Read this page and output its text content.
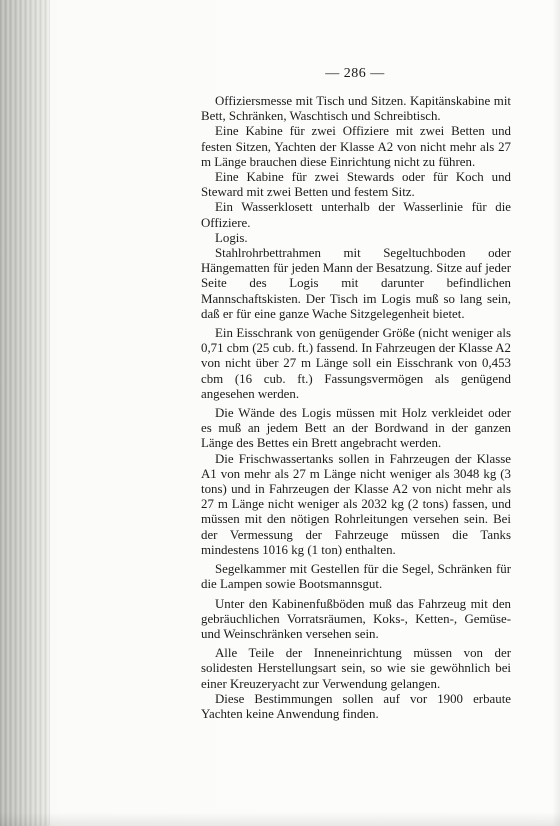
— 286 —

Offiziersmesse mit Tisch und Sitzen. Kapitänskabine mit Bett, Schränken, Waschtisch und Schreibtisch.

Eine Kabine für zwei Offiziere mit zwei Betten und festen Sitzen, Yachten der Klasse A2 von nicht mehr als 27 m Länge brauchen diese Einrichtung nicht zu führen.

Eine Kabine für zwei Stewards oder für Koch und Steward mit zwei Betten und festem Sitz.

Ein Wasserklosett unterhalb der Wasserlinie für die Offiziere.

Logis.

Stahlrohrbettrahmen mit Segeltuchboden oder Hängematten für jeden Mann der Besatzung. Sitze auf jeder Seite des Logis mit darunter befindlichen Mannschaftskisten. Der Tisch im Logis muß so lang sein, daß er für eine ganze Wache Sitzgelegenheit bietet.

Ein Eisschrank von genügender Größe (nicht weniger als 0,71 cbm (25 cub. ft.) fassend. In Fahrzeugen der Klasse A2 von nicht über 27 m Länge soll ein Eisschrank von 0,453 cbm (16 cub. ft.) Fassungsvermögen als genügend angesehen werden.

Die Wände des Logis müssen mit Holz verkleidet oder es muß an jedem Bett an der Bordwand in der ganzen Länge des Bettes ein Brett angebracht werden.

Die Frischwassertanks sollen in Fahrzeugen der Klasse A1 von mehr als 27 m Länge nicht weniger als 3048 kg (3 tons) und in Fahrzeugen der Klasse A2 von nicht mehr als 27 m Länge nicht weniger als 2032 kg (2 tons) fassen, und müssen mit den nötigen Rohrleitungen versehen sein. Bei der Vermessung der Fahrzeuge müssen die Tanks mindestens 1016 kg (1 ton) enthalten.

Segelkammer mit Gestellen für die Segel, Schränken für die Lampen sowie Bootsmannsgut.

Unter den Kabinenfußböden muß das Fahrzeug mit den gebräuchlichen Vorratsräumen, Koks-, Ketten-, Gemüse- und Weinschränken versehen sein.

Alle Teile der Inneneinrichtung müssen von der solidesten Herstellungsart sein, so wie sie gewöhnlich bei einer Kreuzeryacht zur Verwendung gelangen.

Diese Bestimmungen sollen auf vor 1900 erbaute Yachten keine Anwendung finden.
